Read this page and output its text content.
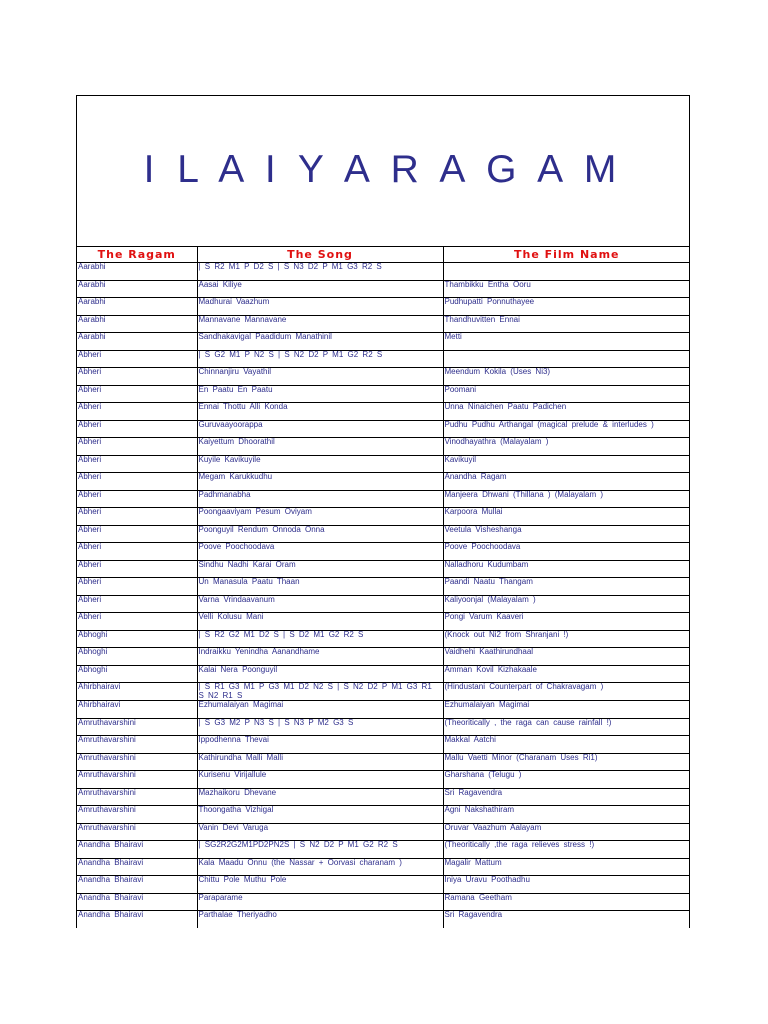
I L A I Y A R A G A M
The Ragam	The Song	The Film Name
Aarabhi	| S R2 M1 P D2 S | S N3 D2 P M1 G3 R2 S	
Aarabhi	Aasai Kiliye	Thambikku Entha Ooru
Aarabhi	Madhurai Vaazhum	Pudhupatti Ponnuthayee
Aarabhi	Mannavane Mannavane	Thandhuvitten Ennai
Aarabhi	Sandhakavigal Paadidum Manathinil	Metti
Abheri	| S G2 M1 P N2 S | S N2 D2 P M1 G2 R2 S	
Abheri	Chinnanjiru Vayathil	Meendum Kokila (Uses Ni3)
Abheri	En Paatu En Paatu	Poomani
Abheri	Ennai Thottu Alli Konda	Unna Ninaichen Paatu Padichen
Abheri	Guruvaayoorappa	Pudhu Pudhu Arthangal (magical prelude & interludes )
Abheri	Kaiyettum Dhoorathil	Vinodhayathra (Malayalam )
Abheri	Kuyile Kavikuyile	Kavikuyil
Abheri	Megam Karukkudhu	Anandha Ragam
Abheri	Padhmanabha	Manjeera Dhwani (Thillana ) (Malayalam )
Abheri	Poongaaviyam Pesum Oviyam	Karpoora Mullai
Abheri	Poonguyil Rendum Onnoda Onna	Veetula Visheshanga
Abheri	Poove Poochoodava	Poove Poochoodava
Abheri	Sindhu Nadhi Karai Oram	Nalladhoru Kudumbam
Abheri	Un Manasula Paatu Thaan	Paandi Naatu Thangam
Abheri	Varna Vrindaavanum	Kaliyoonjal (Malayalam )
Abheri	Velli Kolusu Mani	Pongi Varum Kaaveri
Abhoghi	| S R2 G2 M1 D2 S | S D2 M1 G2 R2 S	(Knock out Ni2 from Shranjani !)
Abhoghi	Indraikku Yenindha Aanandhame	Vaidhehi Kaathirundhaal
Abhoghi	Kalai Nera Poonguyil	Amman Kovil Kizhakaale
Ahirbhairavi	| S R1 G3 M1 P G3 M1 D2 N2 S | S N2 D2 P M1 G3 R1 S N2 R1 S	(Hindustani Counterpart of Chakravagam )
Ahirbhairavi	Ezhumalaiyan Magimai	Ezhumalaiyan Magimai
Amruthavarshini	| S G3 M2 P N3 S | S N3 P M2 G3 S	(Theoritically , the raga can cause rainfall !)
Amruthavarshini	Ippodhenna Thevai	Makkal Aatchi
Amruthavarshini	Kathirundha Malli Malli	Mallu Vaetti Minor (Charanam Uses Ri1)
Amruthavarshini	Kurisenu Virijallule	Gharshana (Telugu )
Amruthavarshini	Mazhaikoru Dhevane	Sri Ragavendra
Amruthavarshini	Thoongatha Vizhigal	Agni Nakshathiram
Amruthavarshini	Vanin Devi Varuga	Oruvar Vaazhum Aalayam
Anandha Bhairavi	| SG2R2G2M1PD2PN2S | S N2 D2 P M1 G2 R2 S	(Theoritically ,the raga relieves stress !)
Anandha Bhairavi	Kala Maadu Onnu (the Nassar + Oorvasi charanam )	Magalir Mattum
Anandha Bhairavi	Chittu Pole Muthu Pole	Iniya Uravu Poothadhu
Anandha Bhairavi	Paraparame	Ramana Geetham
Anandha Bhairavi	Parthalae Theriyadho	Sri Ragavendra
